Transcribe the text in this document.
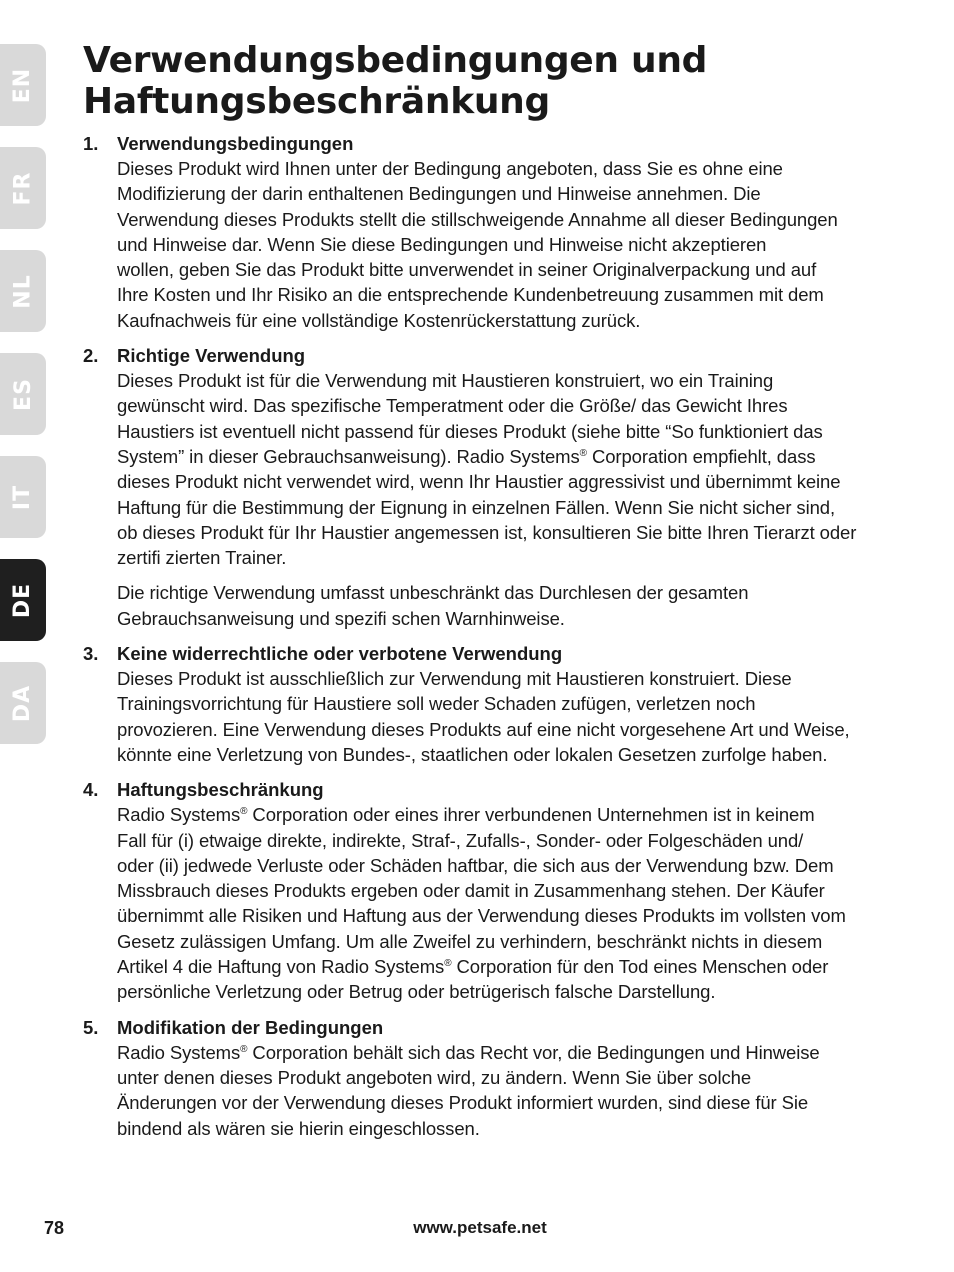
EN
FR
NL
ES
IT
DE
DA
Verwendungsbedingungen und
Haftungsbeschränkung
1.	Verwendungsbedingungen

Dieses Produkt wird Ihnen unter der Bedingung angeboten, dass Sie es ohne eine
Modifizierung der darin enthaltenen Bedingungen und Hinweise annehmen. Die
Verwendung dieses Produkts stellt die stillschweigende Annahme all dieser Bedingungen
und Hinweise dar. Wenn Sie diese Bedingungen und Hinweise nicht akzeptieren
wollen, geben Sie das Produkt bitte unverwendet in seiner Originalverpackung und auf
Ihre Kosten und Ihr Risiko an die entsprechende Kundenbetreuung zusammen mit dem
Kaufnachweis für eine vollständige Kostenrückerstattung zurück.

2.	Richtige Verwendung

Dieses Produkt ist für die Verwendung mit Haustieren konstruiert, wo ein Training
gewünscht wird. Das spezifische Temperatment oder die Größe/ das Gewicht Ihres
Haustiers ist eventuell nicht passend für dieses Produkt (siehe bitte “So funktioniert das
System” in dieser Gebrauchsanweisung). Radio Systems® Corporation empfiehlt, dass
dieses Produkt nicht verwendet wird, wenn Ihr Haustier aggressivist und übernimmt keine
Haftung für die Bestimmung der Eignung in einzelnen Fällen. Wenn Sie nicht sicher sind,
ob dieses Produkt für Ihr Haustier angemessen ist, konsultieren Sie bitte Ihren Tierarzt oder
zertifi zierten Trainer.

Die richtige Verwendung umfasst unbeschränkt das Durchlesen der gesamten
Gebrauchsanweisung und spezifi schen Warnhinweise.

3.	Keine widerrechtliche oder verbotene Verwendung

Dieses Produkt ist ausschließlich zur Verwendung mit Haustieren konstruiert. Diese
Trainingsvorrichtung für Haustiere soll weder Schaden zufügen, verletzen noch
provozieren. Eine Verwendung dieses Produkts auf eine nicht vorgesehene Art und Weise,
könnte eine Verletzung von Bundes-, staatlichen oder lokalen Gesetzen zurfolge haben.

4.	Haftungsbeschränkung

Radio Systems® Corporation oder eines ihrer verbundenen Unternehmen ist in keinem
Fall für (i) etwaige direkte, indirekte, Straf-, Zufalls-, Sonder- oder Folgeschäden und/
oder (ii) jedwede Verluste oder Schäden haftbar, die sich aus der Verwendung bzw. Dem
Missbrauch dieses Produkts ergeben oder damit in Zusammenhang stehen. Der Käufer
übernimmt alle Risiken und Haftung aus der Verwendung dieses Produkts im vollsten vom
Gesetz zulässigen Umfang. Um alle Zweifel zu verhindern, beschränkt nichts in diesem
Artikel 4 die Haftung von Radio Systems® Corporation für den Tod eines Menschen oder
persönliche Verletzung oder Betrug oder betrügerisch falsche Darstellung.

5.	Modifikation der Bedingungen

Radio Systems® Corporation behält sich das Recht vor, die Bedingungen und Hinweise
unter denen dieses Produkt angeboten wird, zu ändern. Wenn Sie über solche
Änderungen vor der Verwendung dieses Produkt informiert wurden, sind diese für Sie
bindend als wären sie hierin eingeschlossen.

78	www.petsafe.net
